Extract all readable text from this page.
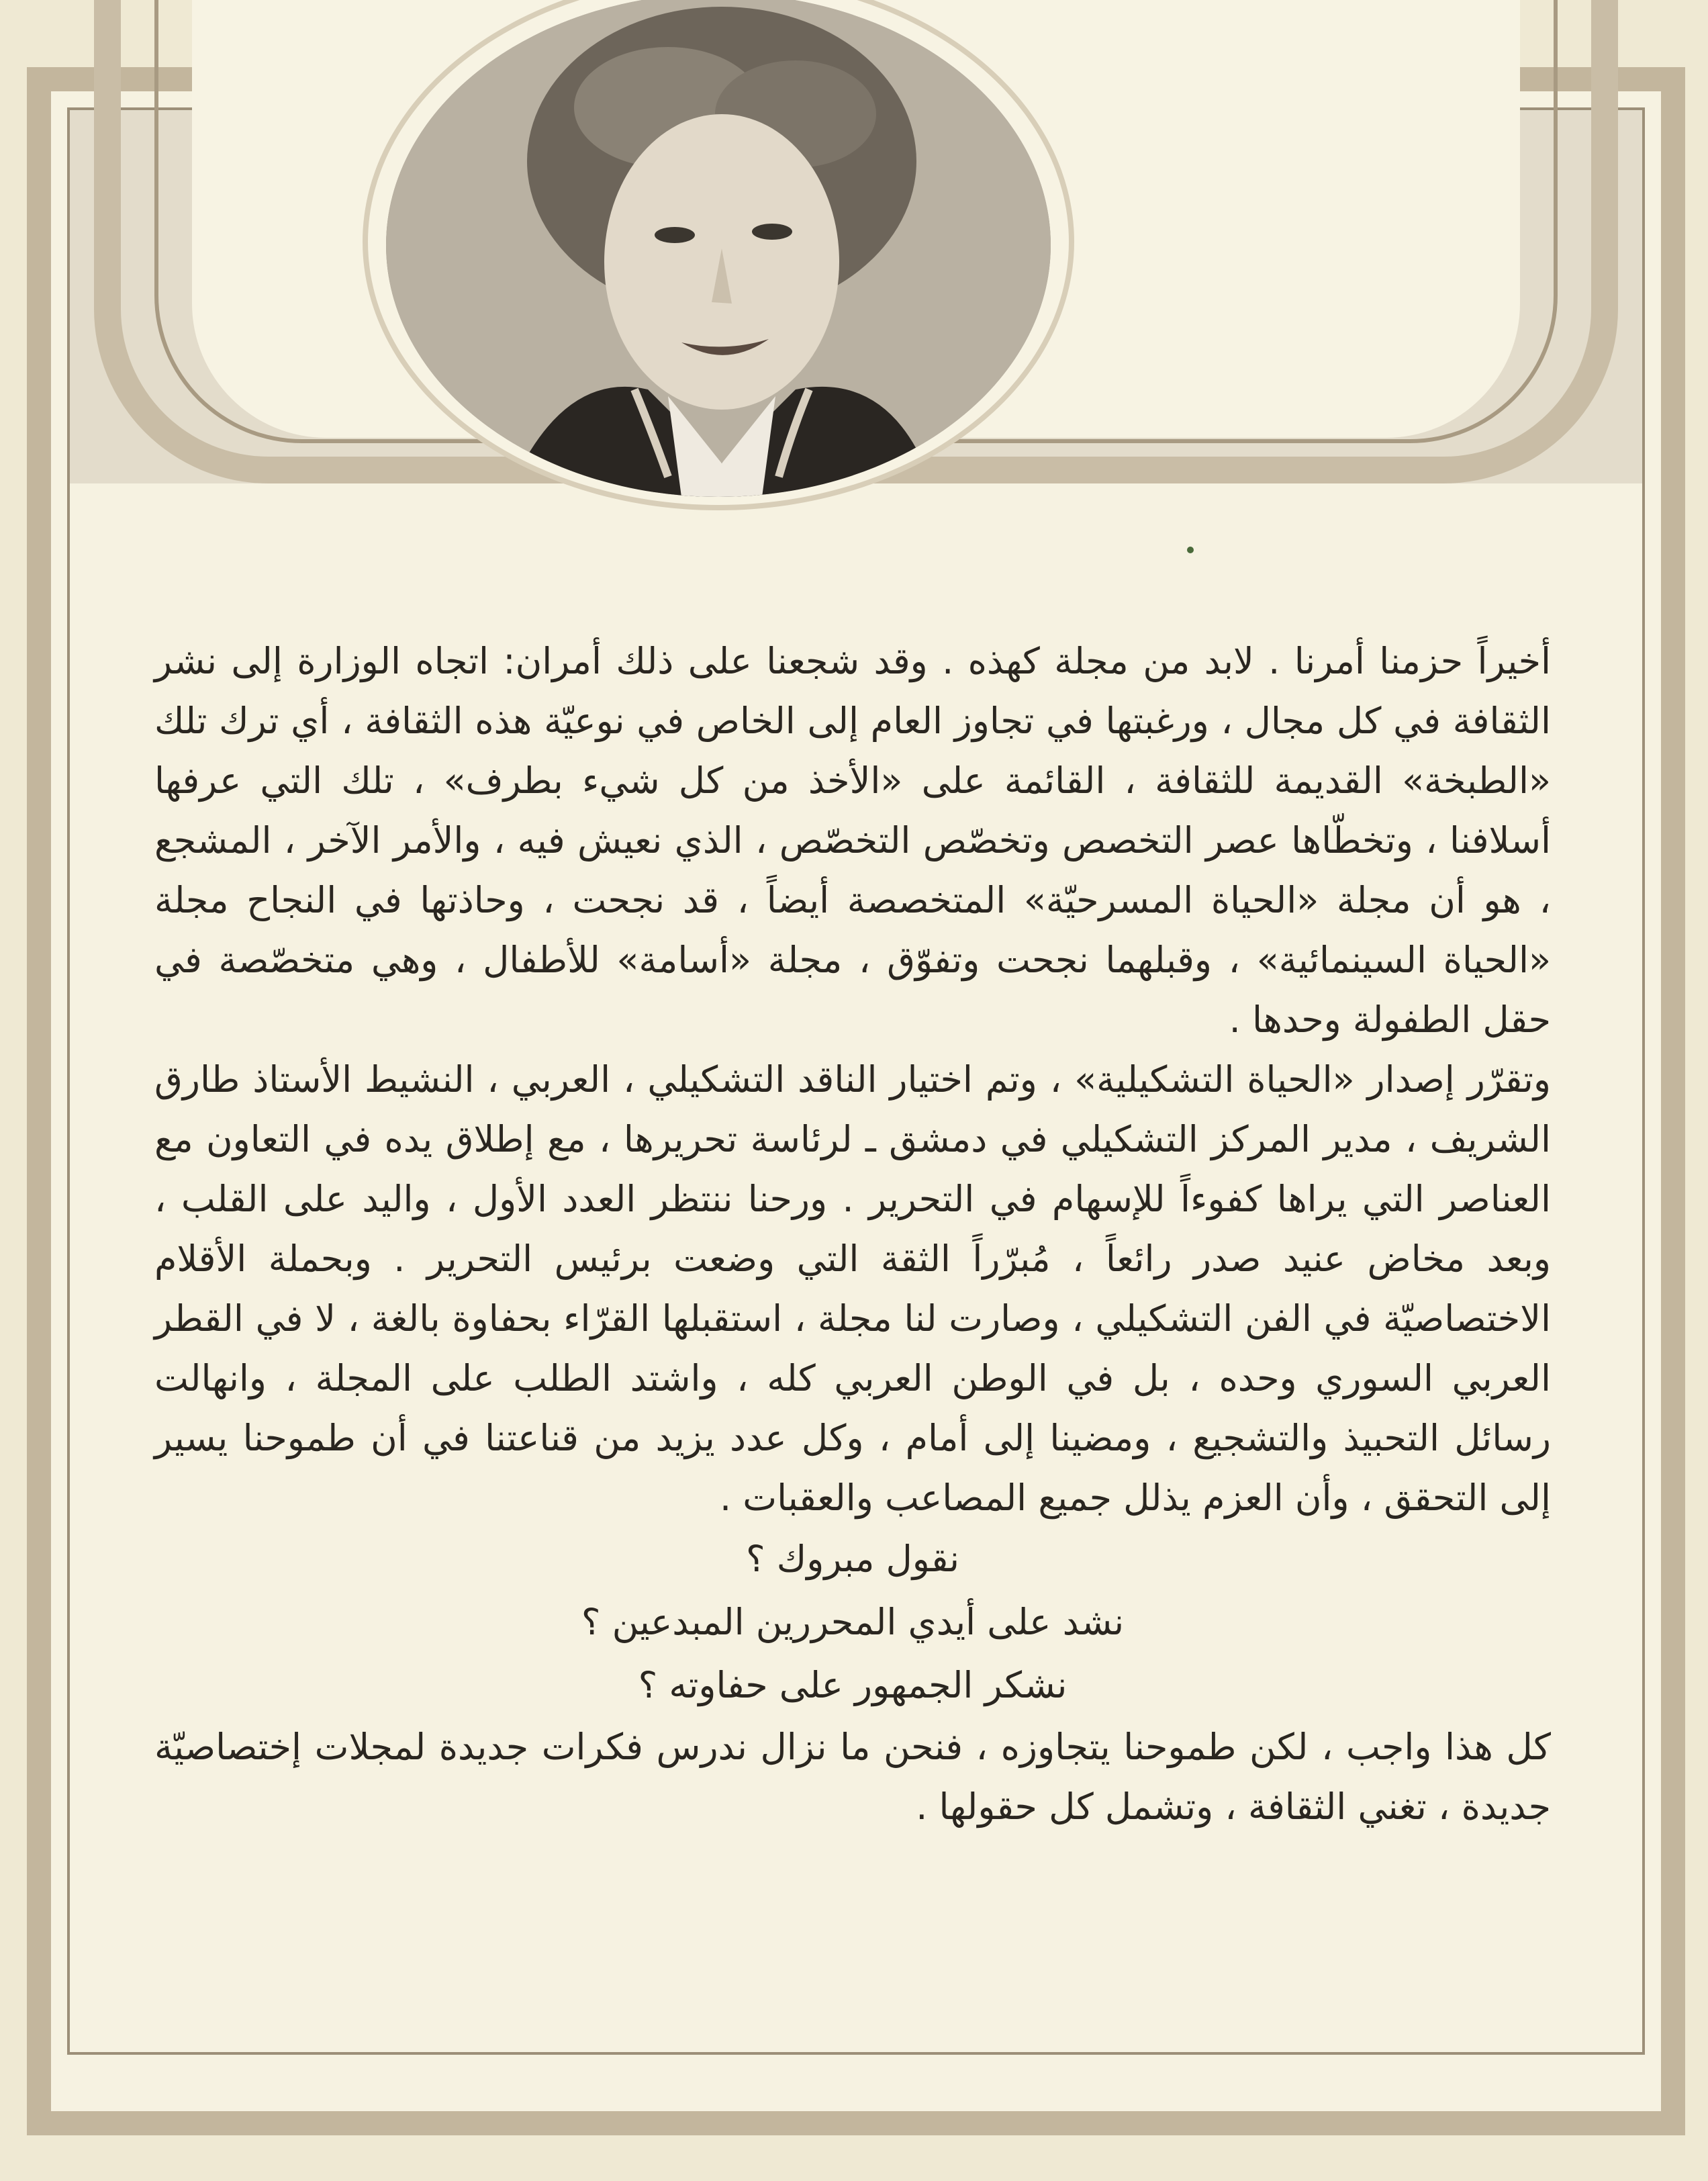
أخيراً حزمنا أمرنا . لابد من مجلة كهذه . وقد شجعنا على ذلك أمران: اتجاه الوزارة إلى نشر الثقافة في كل مجال ، ورغبتها في تجاوز العام إلى الخاص في نوعيّة هذه الثقافة ، أي ترك تلك «الطبخة» القديمة للثقافة ، القائمة على «الأخذ من كل شيء بطرف» ، تلك التي عرفها أسلافنا ، وتخطّاها عصر التخصص وتخصّص التخصّص ، الذي نعيش فيه ، والأمر الآخر ، المشجع ، هو أن مجلة «الحياة المسرحيّة» المتخصصة أيضاً ، قد نجحت ، وحاذتها في النجاح مجلة «الحياة السينمائية» ، وقبلهما نجحت وتفوّق ، مجلة «أسامة» للأطفال ، وهي متخصّصة في حقل الطفولة وحدها .

وتقرّر إصدار «الحياة التشكيلية» ، وتم اختيار الناقد التشكيلي ، العربي ، النشيط الأستاذ طارق الشريف ، مدير المركز التشكيلي في دمشق ـ لرئاسة تحريرها ، مع إطلاق يده في التعاون مع العناصر التي يراها كفوءاً للإسهام في التحرير . ورحنا ننتظر العدد الأول ، واليد على القلب ، وبعد مخاض عنيد صدر رائعاً ، مُبرّراً الثقة التي وضعت برئيس التحرير . وبحملة الأقلام الاختصاصيّة في الفن التشكيلي ، وصارت لنا مجلة ، استقبلها القرّاء بحفاوة بالغة ، لا في القطر العربي السوري وحده ، بل في الوطن العربي كله ، واشتد الطلب على المجلة ، وانهالت رسائل التحبيذ والتشجيع ، ومضينا إلى أمام ، وكل عدد يزيد من قناعتنا في أن طموحنا يسير إلى التحقق ، وأن العزم يذلل جميع المصاعب والعقبات .

نقول مبروك ؟

نشد على أيدي المحررين المبدعين ؟

نشكر الجمهور على حفاوته ؟

كل هذا واجب ، لكن طموحنا يتجاوزه ، فنحن ما نزال ندرس فكرات جديدة لمجلات إختصاصيّة جديدة ، تغني الثقافة ، وتشمل كل حقولها .
